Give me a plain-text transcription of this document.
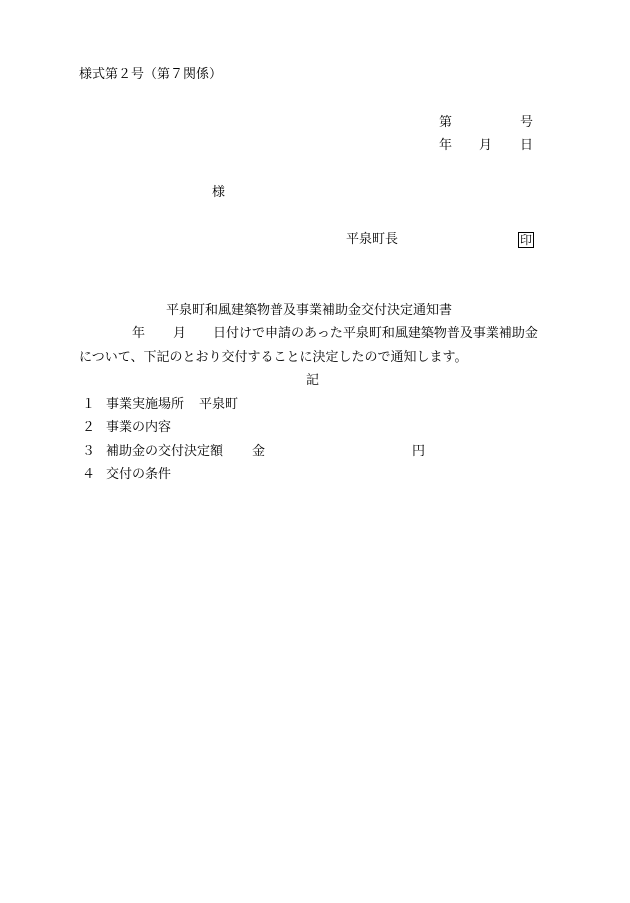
様式第２号（第７関係）
第	号
年 月 日
様
平泉町長	印
平泉町和風建築物普及事業補助金交付決定通知書
年 月 日付けで申請のあった平泉町和風建築物普及事業補助金
について、下記のとおり交付することに決定したので通知します。
記
１ 事業実施場所 平泉町
２ 事業の内容
３ 補助金の交付決定額 金	円
４ 交付の条件
